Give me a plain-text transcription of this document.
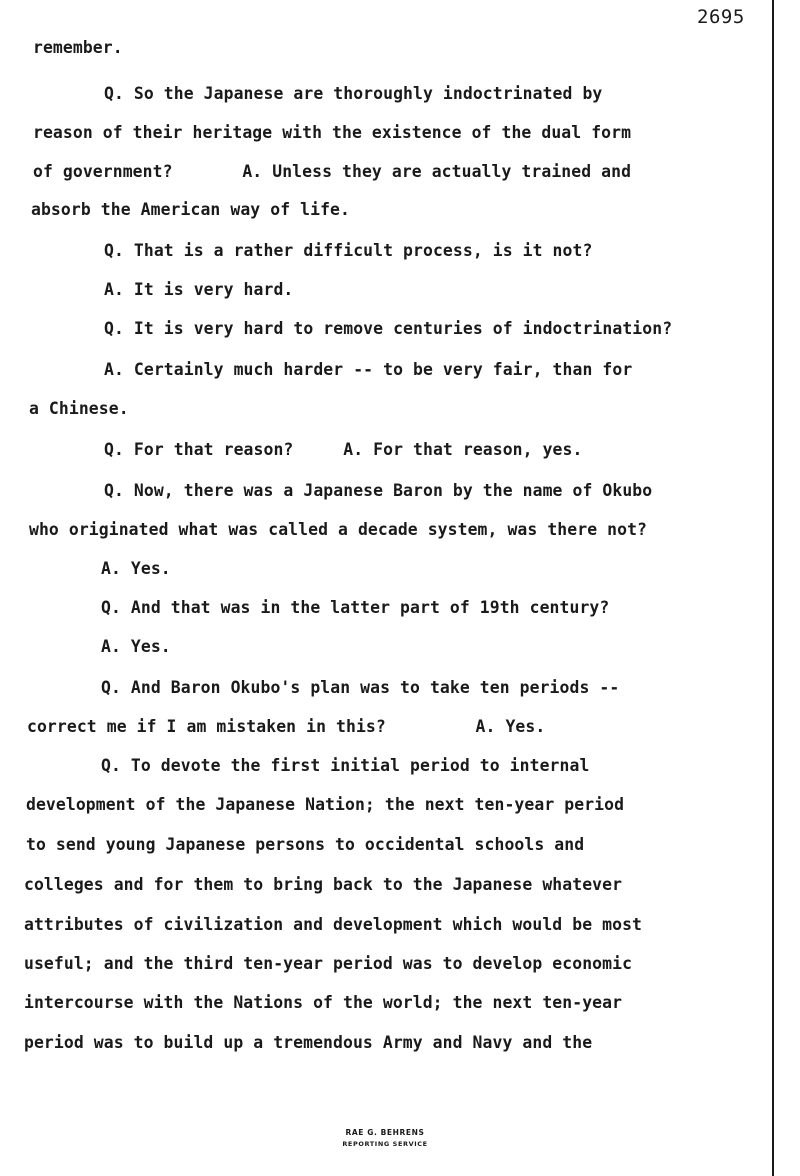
2695
remember.
Q. So the Japanese are thoroughly indoctrinated by
reason of their heritage with the existence of the dual form
of government?       A. Unless they are actually trained and
absorb the American way of life.
Q. That is a rather difficult process, is it not?
A. It is very hard.
Q. It is very hard to remove centuries of indoctrination?
A. Certainly much harder -- to be very fair, than for
a Chinese.
Q. For that reason?     A. For that reason, yes.
Q. Now, there was a Japanese Baron by the name of Okubo
who originated what was called a decade system, was there not?
A. Yes.
Q. And that was in the latter part of 19th century?
A. Yes.
Q. And Baron Okubo's plan was to take ten periods --
correct me if I am mistaken in this?         A. Yes.
Q. To devote the first initial period to internal
development of the Japanese Nation; the next ten-year period
to send young Japanese persons to occidental schools and
colleges and for them to bring back to the Japanese whatever
attributes of civilization and development which would be most
useful; and the third ten-year period was to develop economic
intercourse with the Nations of the world; the next ten-year
period was to build up a tremendous Army and Navy and the
RAE G. BEHRENS
REPORTING SERVICE
